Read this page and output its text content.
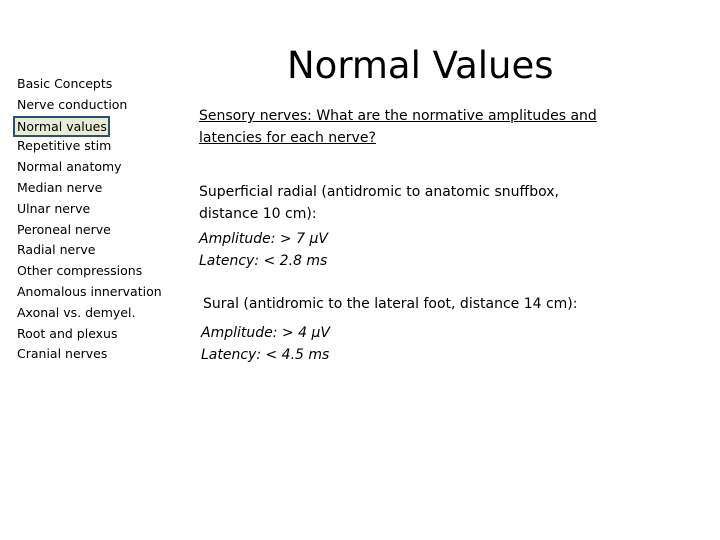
Basic Concepts
Nerve conduction
Normal values
Repetitive stim
Normal anatomy
Median nerve
Ulnar nerve
Peroneal nerve
Radial nerve
Other compressions
Anomalous innervation
Axonal vs. demyel.
Root and plexus
Cranial nerves
Normal Values

Sensory nerves: What are the normative amplitudes and latencies for each nerve?

Superficial radial (antidromic to anatomic snuffbox,
distance 10 cm):
Amplitude: > 7 µV
Latency: < 2.8 ms
Sural (antidromic to the lateral foot, distance 14 cm):
Amplitude: > 4 µV
Latency: < 4.5 ms
